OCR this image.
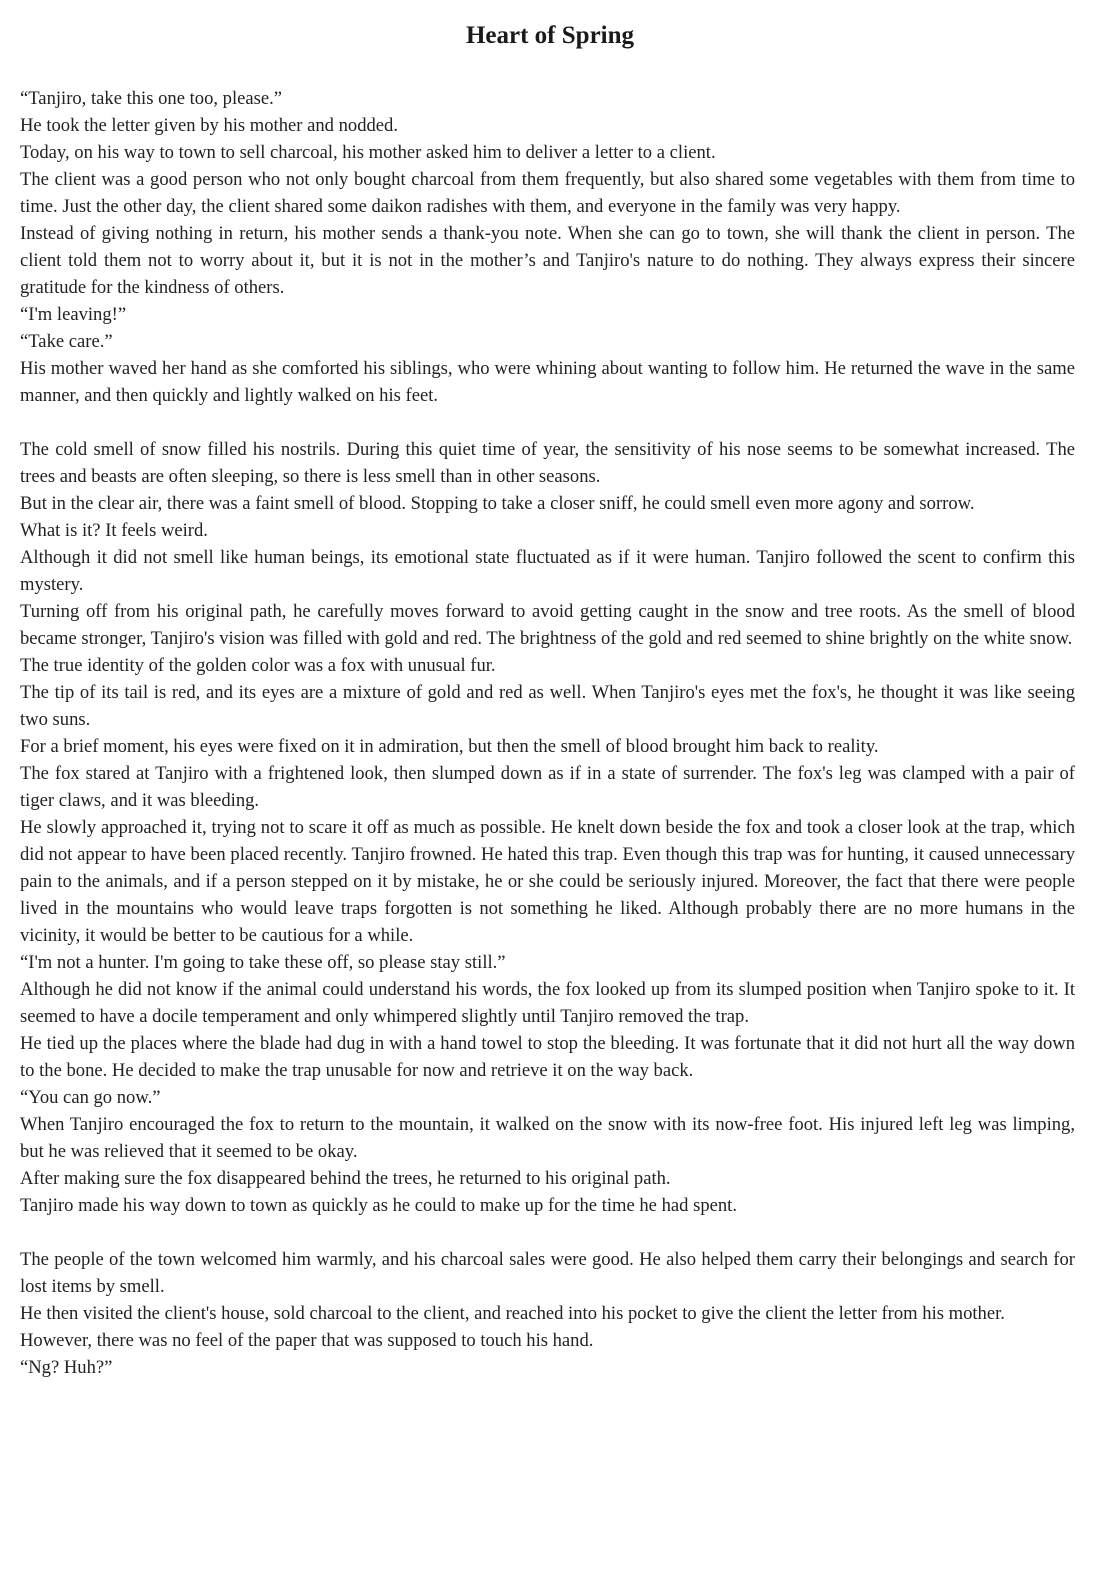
Heart of Spring

“Tanjiro, take this one too, please.”

He took the letter given by his mother and nodded.

Today, on his way to town to sell charcoal, his mother asked him to deliver a letter to a client.

The client was a good person who not only bought charcoal from them frequently, but also shared some vegetables with them from time to time. Just the other day, the client shared some daikon radishes with them, and everyone in the family was very happy.

Instead of giving nothing in return, his mother sends a thank-you note. When she can go to town, she will thank the client in person. The client told them not to worry about it, but it is not in the mother’s and Tanjiro's nature to do nothing. They always express their sincere gratitude for the kindness of others.

“I'm leaving!”

“Take care.”

His mother waved her hand as she comforted his siblings, who were whining about wanting to follow him. He returned the wave in the same manner, and then quickly and lightly walked on his feet.

The cold smell of snow filled his nostrils. During this quiet time of year, the sensitivity of his nose seems to be somewhat increased. The trees and beasts are often sleeping, so there is less smell than in other seasons.

But in the clear air, there was a faint smell of blood. Stopping to take a closer sniff, he could smell even more agony and sorrow.

What is it? It feels weird.

Although it did not smell like human beings, its emotional state fluctuated as if it were human. Tanjiro followed the scent to confirm this mystery.

Turning off from his original path, he carefully moves forward to avoid getting caught in the snow and tree roots. As the smell of blood became stronger, Tanjiro's vision was filled with gold and red. The brightness of the gold and red seemed to shine brightly on the white snow.

The true identity of the golden color was a fox with unusual fur.

The tip of its tail is red, and its eyes are a mixture of gold and red as well. When Tanjiro's eyes met the fox's, he thought it was like seeing two suns.

For a brief moment, his eyes were fixed on it in admiration, but then the smell of blood brought him back to reality.

The fox stared at Tanjiro with a frightened look, then slumped down as if in a state of surrender. The fox's leg was clamped with a pair of tiger claws, and it was bleeding.

He slowly approached it, trying not to scare it off as much as possible. He knelt down beside the fox and took a closer look at the trap, which did not appear to have been placed recently. Tanjiro frowned. He hated this trap. Even though this trap was for hunting, it caused unnecessary pain to the animals, and if a person stepped on it by mistake, he or she could be seriously injured. Moreover, the fact that there were people lived in the mountains who would leave traps forgotten is not something he liked. Although probably there are no more humans in the vicinity, it would be better to be cautious for a while.

“I'm not a hunter. I'm going to take these off, so please stay still.”

Although he did not know if the animal could understand his words, the fox looked up from its slumped position when Tanjiro spoke to it. It seemed to have a docile temperament and only whimpered slightly until Tanjiro removed the trap.

He tied up the places where the blade had dug in with a hand towel to stop the bleeding. It was fortunate that it did not hurt all the way down to the bone. He decided to make the trap unusable for now and retrieve it on the way back.

“You can go now.”

When Tanjiro encouraged the fox to return to the mountain, it walked on the snow with its now-free foot. His injured left leg was limping, but he was relieved that it seemed to be okay.

After making sure the fox disappeared behind the trees, he returned to his original path.

Tanjiro made his way down to town as quickly as he could to make up for the time he had spent.

The people of the town welcomed him warmly, and his charcoal sales were good. He also helped them carry their belongings and search for lost items by smell.

He then visited the client's house, sold charcoal to the client, and reached into his pocket to give the client the letter from his mother.

However, there was no feel of the paper that was supposed to touch his hand.

“Ng? Huh?”
